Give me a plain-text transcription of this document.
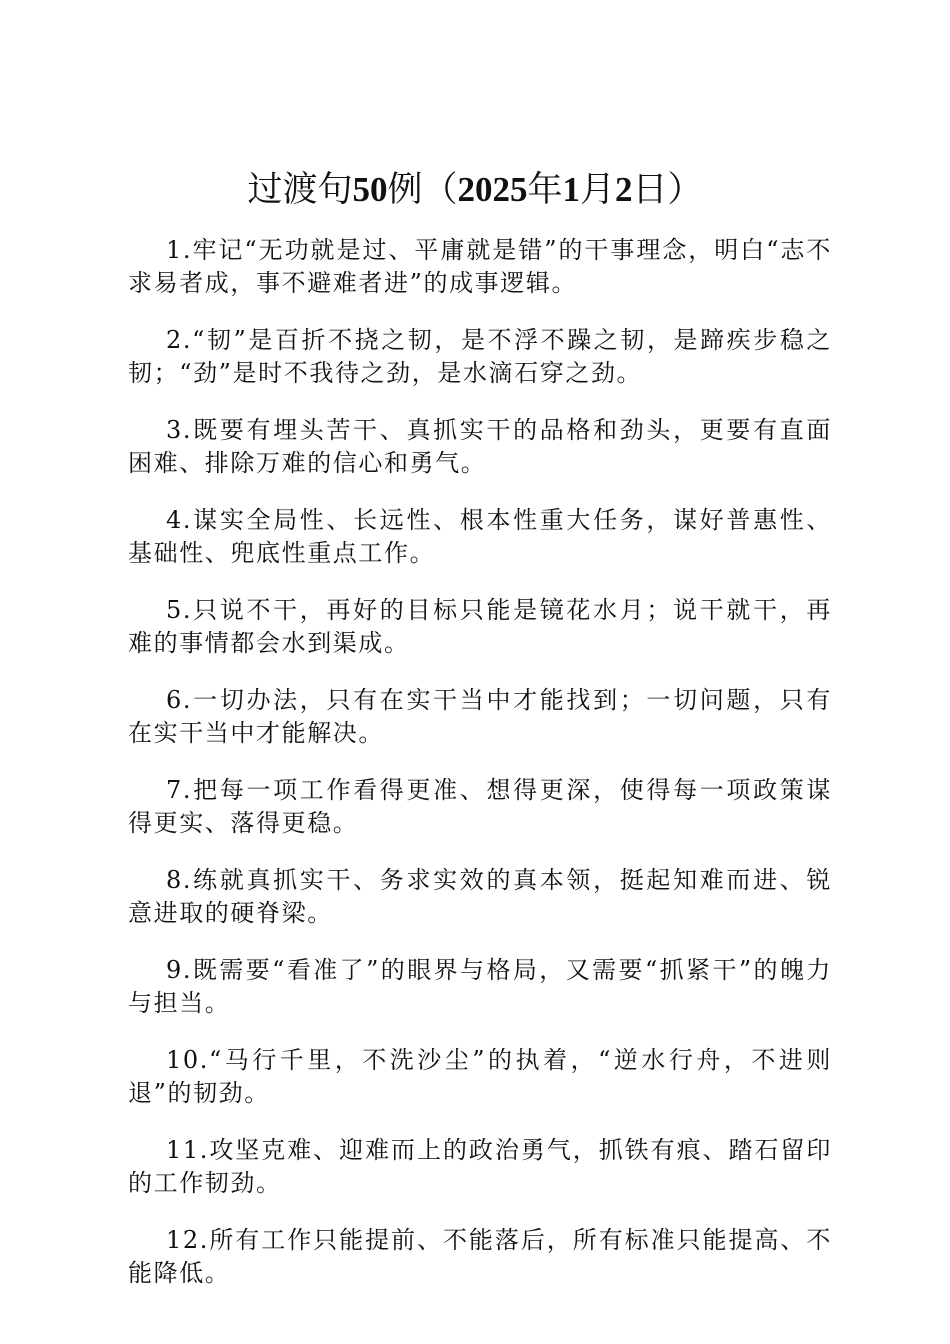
过渡句50例（2025年1月2日）

1.牢记“无功就是过、平庸就是错”的干事理念，明白“志不求易者成，事不避难者进”的成事逻辑。

2.“韧”是百折不挠之韧，是不浮不躁之韧，是蹄疾步稳之韧；“劲”是时不我待之劲，是水滴石穿之劲。

3.既要有埋头苦干、真抓实干的品格和劲头，更要有直面困难、排除万难的信心和勇气。

4.谋实全局性、长远性、根本性重大任务，谋好普惠性、基础性、兜底性重点工作。

5.只说不干，再好的目标只能是镜花水月；说干就干，再难的事情都会水到渠成。

6.一切办法，只有在实干当中才能找到；一切问题，只有在实干当中才能解决。

7.把每一项工作看得更准、想得更深，使得每一项政策谋得更实、落得更稳。

8.练就真抓实干、务求实效的真本领，挺起知难而进、锐意进取的硬脊梁。

9.既需要“看准了”的眼界与格局，又需要“抓紧干”的魄力与担当。

10.“马行千里，不洗沙尘”的执着，“逆水行舟，不进则退”的韧劲。

11.攻坚克难、迎难而上的政治勇气，抓铁有痕、踏石留印的工作韧劲。

12.所有工作只能提前、不能落后，所有标准只能提高、不能降低。
